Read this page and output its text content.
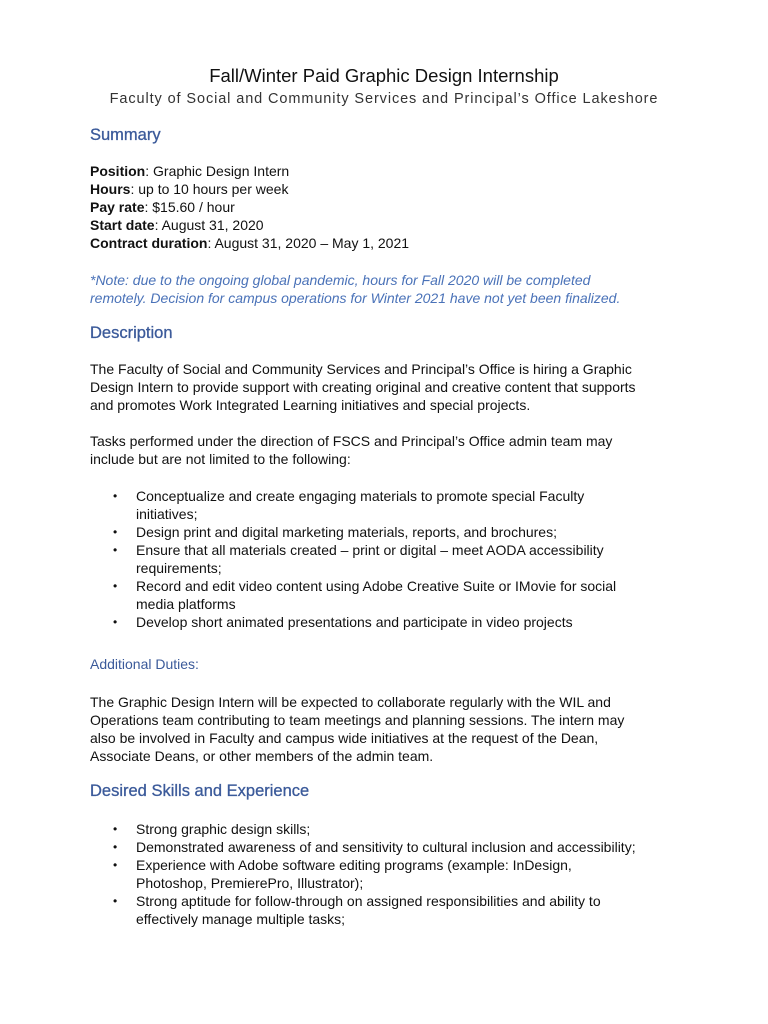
Fall/Winter Paid Graphic Design Internship
Faculty of Social and Community Services and Principal’s Office Lakeshore
Summary
Position: Graphic Design Intern
Hours: up to 10 hours per week
Pay rate: $15.60 / hour
Start date: August 31, 2020
Contract duration: August 31, 2020 – May 1, 2021
*Note: due to the ongoing global pandemic, hours for Fall 2020 will be completed
remotely. Decision for campus operations for Winter 2021 have not yet been finalized.
Description
The Faculty of Social and Community Services and Principal’s Office is hiring a Graphic
Design Intern to provide support with creating original and creative content that supports
and promotes Work Integrated Learning initiatives and special projects.
Tasks performed under the direction of FSCS and Principal’s Office admin team may
include but are not limited to the following:
• Conceptualize and create engaging materials to promote special Faculty
initiatives;
• Design print and digital marketing materials, reports, and brochures;
• Ensure that all materials created – print or digital – meet AODA accessibility
requirements;
• Record and edit video content using Adobe Creative Suite or IMovie for social
media platforms
• Develop short animated presentations and participate in video projects
Additional Duties:
The Graphic Design Intern will be expected to collaborate regularly with the WIL and
Operations team contributing to team meetings and planning sessions. The intern may
also be involved in Faculty and campus wide initiatives at the request of the Dean,
Associate Deans, or other members of the admin team.
Desired Skills and Experience
• Strong graphic design skills;
• Demonstrated awareness of and sensitivity to cultural inclusion and accessibility;
• Experience with Adobe software editing programs (example: InDesign,
Photoshop, PremierePro, Illustrator);
• Strong aptitude for follow-through on assigned responsibilities and ability to
effectively manage multiple tasks;
